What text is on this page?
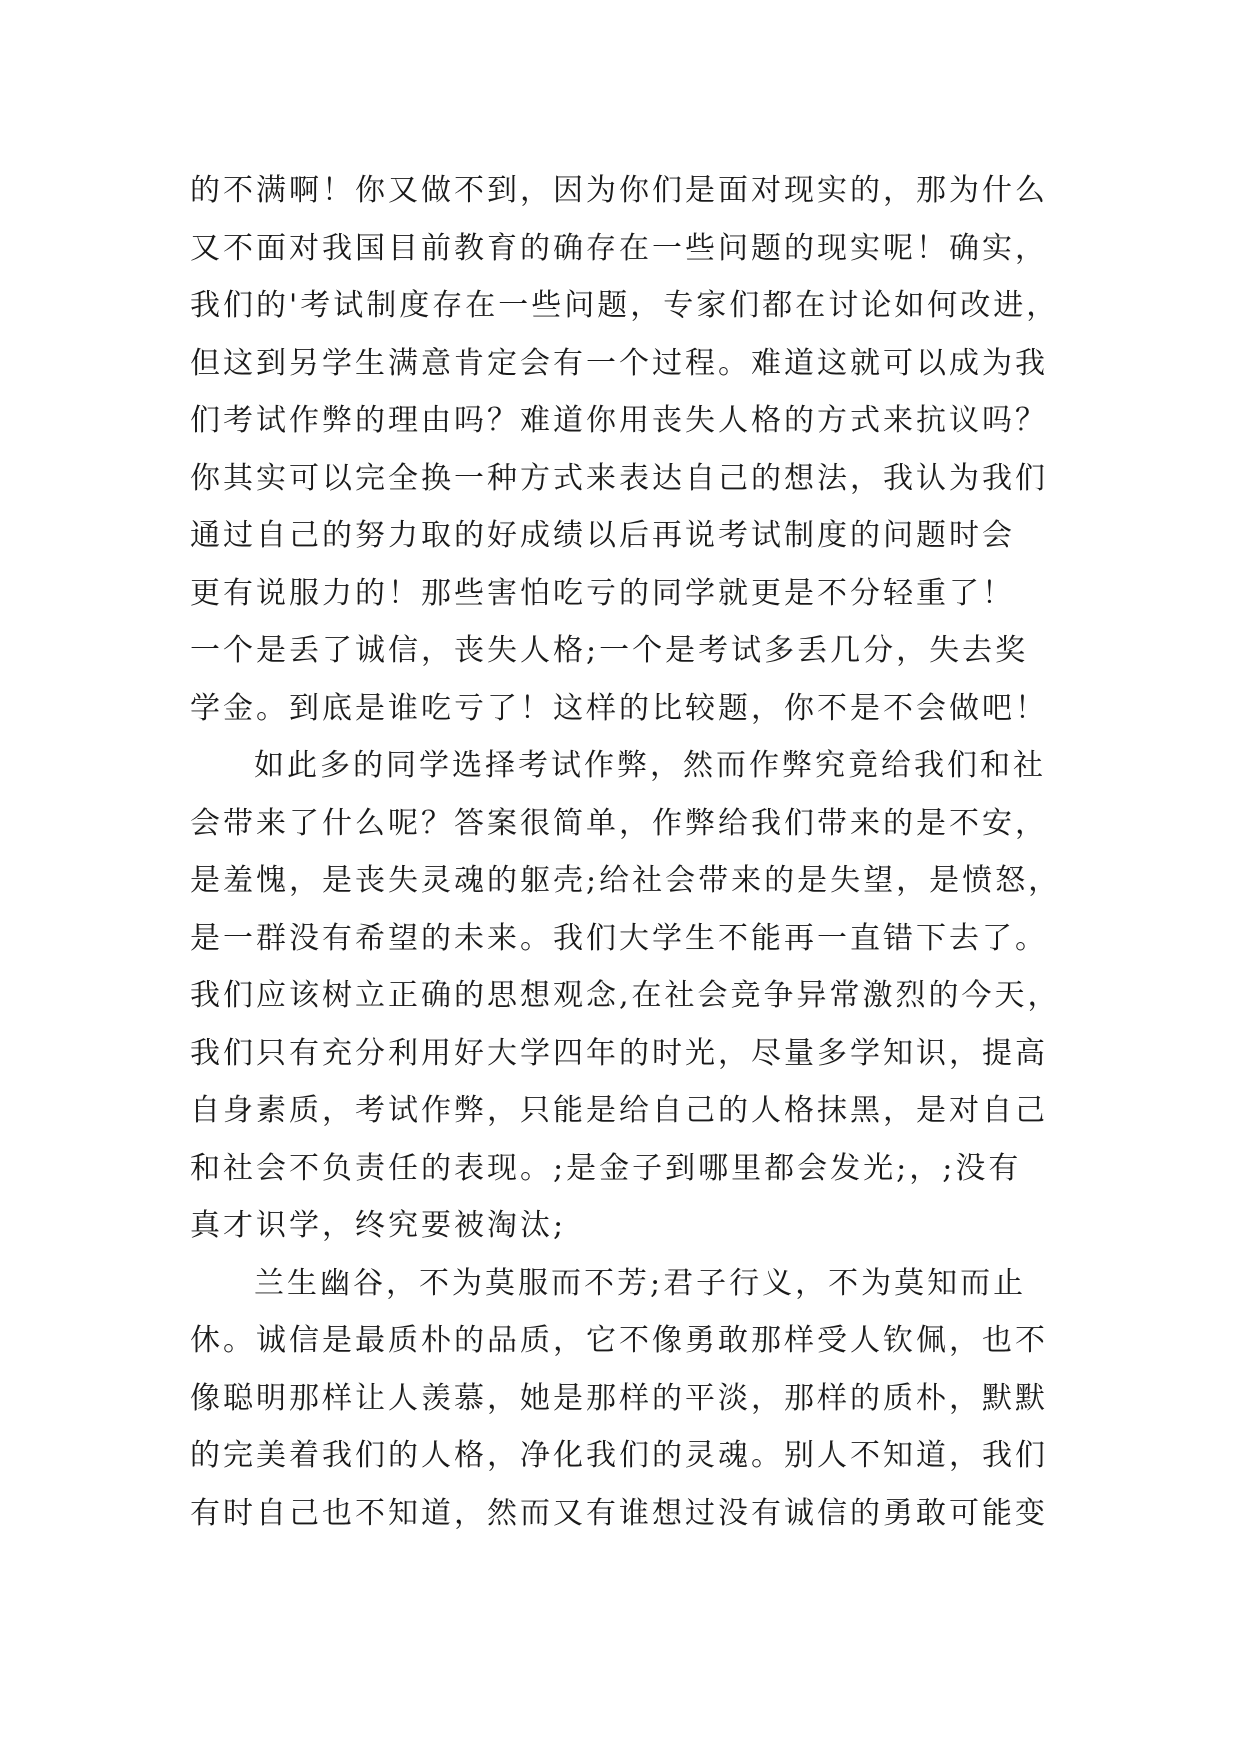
的不满啊！你又做不到，因为你们是面对现实的，那为什么
又不面对我国目前教育的确存在一些问题的现实呢！确实，
我们的'考试制度存在一些问题，专家们都在讨论如何改进，
但这到另学生满意肯定会有一个过程。难道这就可以成为我
们考试作弊的理由吗？难道你用丧失人格的方式来抗议吗？
你其实可以完全换一种方式来表达自己的想法，我认为我们
通过自己的努力取的好成绩以后再说考试制度的问题时会
更有说服力的！那些害怕吃亏的同学就更是不分轻重了！
一个是丢了诚信，丧失人格;一个是考试多丢几分，失去奖
学金。到底是谁吃亏了！这样的比较题，你不是不会做吧！
如此多的同学选择考试作弊，然而作弊究竟给我们和社
会带来了什么呢？答案很简单，作弊给我们带来的是不安，
是羞愧，是丧失灵魂的躯壳;给社会带来的是失望，是愤怒，
是一群没有希望的未来。我们大学生不能再一直错下去了。
我们应该树立正确的思想观念,在社会竞争异常激烈的今天，
我们只有充分利用好大学四年的时光，尽量多学知识，提高
自身素质，考试作弊，只能是给自己的人格抹黑，是对自己
和社会不负责任的表现。;是金子到哪里都会发光;，;没有
真才识学，终究要被淘汰;
兰生幽谷，不为莫服而不芳;君子行义，不为莫知而止
休。诚信是最质朴的品质，它不像勇敢那样受人钦佩，也不
像聪明那样让人羡慕，她是那样的平淡，那样的质朴，默默
的完美着我们的人格，净化我们的灵魂。别人不知道，我们
有时自己也不知道，然而又有谁想过没有诚信的勇敢可能变
